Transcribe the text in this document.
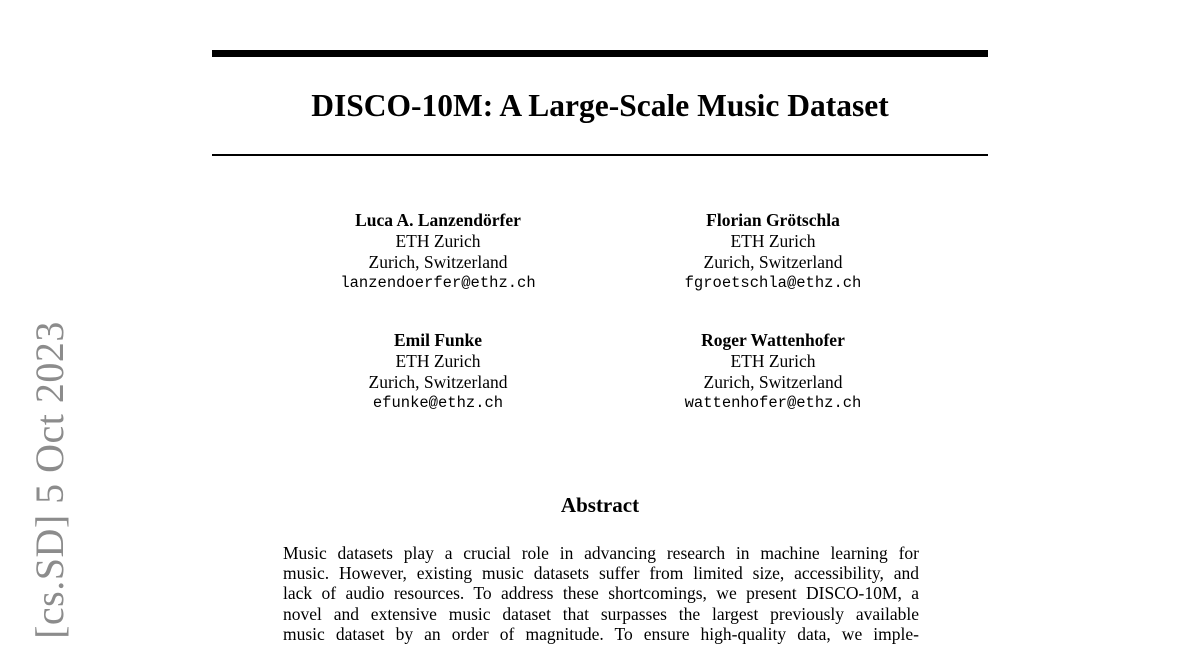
[cs.SD] 5 Oct 2023
DISCO-10M: A Large-Scale Music Dataset
Luca A. Lanzendörfer
ETH Zurich
Zurich, Switzerland
lanzendoerfer@ethz.ch
Florian Grötschla
ETH Zurich
Zurich, Switzerland
fgroetschla@ethz.ch
Emil Funke
ETH Zurich
Zurich, Switzerland
efunke@ethz.ch
Roger Wattenhofer
ETH Zurich
Zurich, Switzerland
wattenhofer@ethz.ch
Abstract
Music datasets play a crucial role in advancing research in machine learning for
music. However, existing music datasets suffer from limited size, accessibility, and
lack of audio resources. To address these shortcomings, we present DISCO-10M, a
novel and extensive music dataset that surpasses the largest previously available
music dataset by an order of magnitude. To ensure high-quality data, we imple-
